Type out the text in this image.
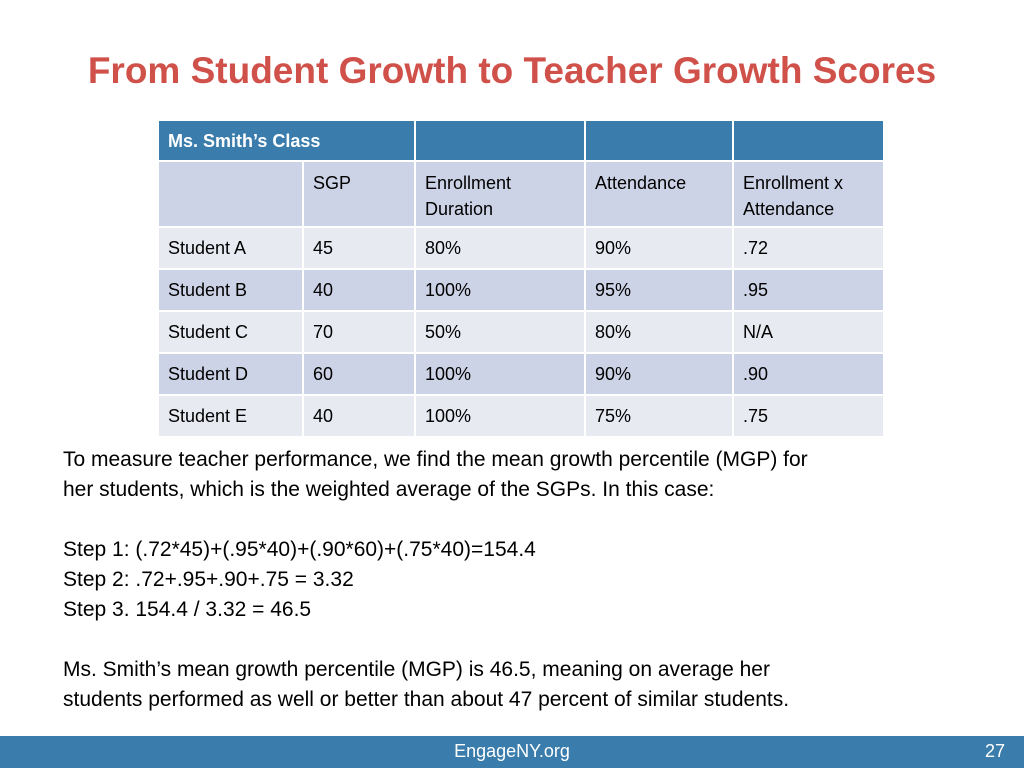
From Student Growth to Teacher Growth Scores
Ms. Smith’s Class				
	SGP	Enrollment Duration	Attendance	Enrollment x Attendance
Student A	45	80%	90%	.72
Student B	40	100%	95%	.95
Student C	70	50%	80%	N/A
Student D	60	100%	90%	.90
Student E	40	100%	75%	.75

To measure teacher performance, we find the mean growth percentile (MGP) for

her students, which is the weighted average of the SGPs. In this case:

Step 1: (.72*45)+(.95*40)+(.90*60)+(.75*40)=154.4

Step 2: .72+.95+.90+.75 = 3.32

Step 3. 154.4 / 3.32 = 46.5

Ms. Smith’s mean growth percentile (MGP) is 46.5, meaning on average her

students performed as well or better than about 47 percent of similar students.

EngageNY.org	27
